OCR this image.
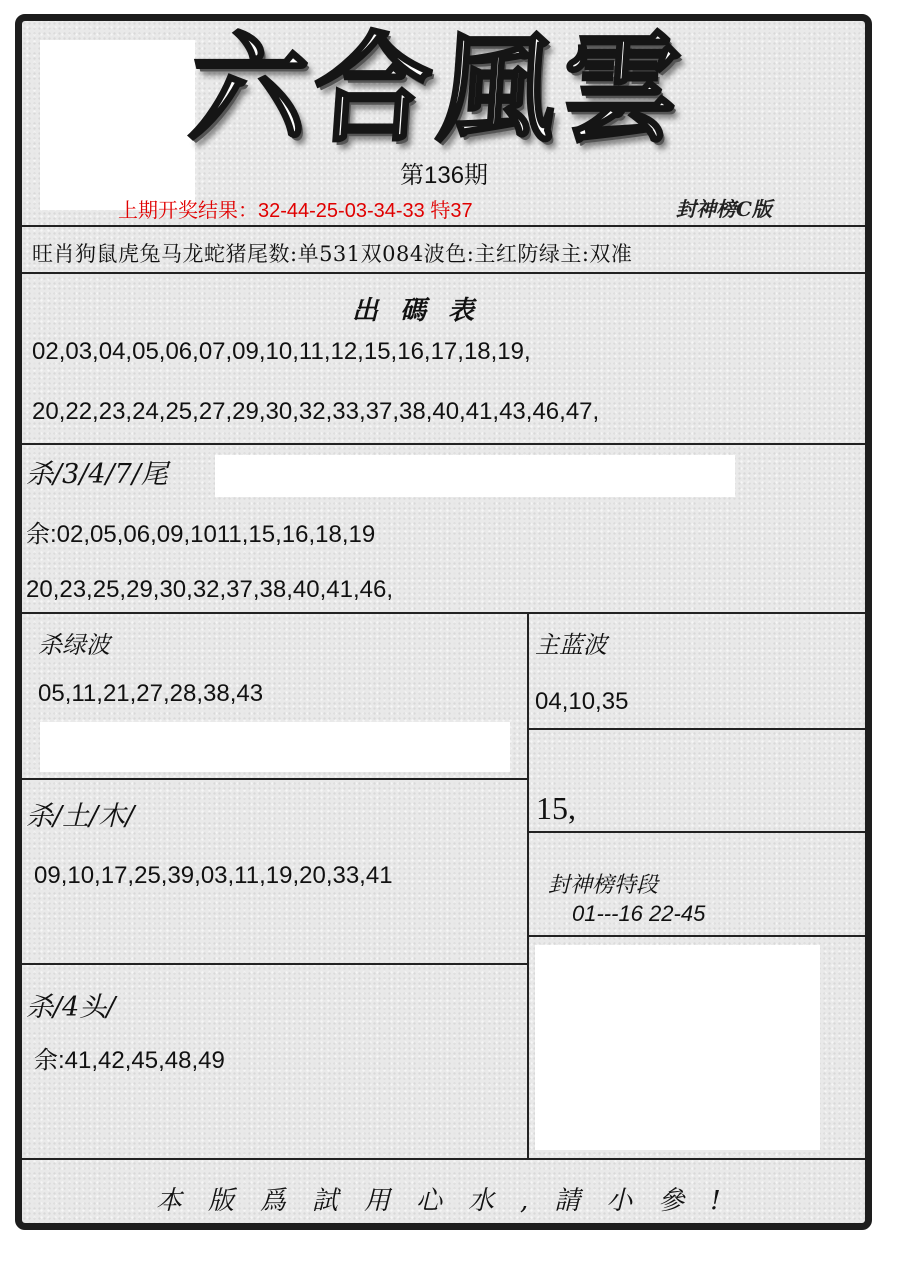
六合風雲
第136期
上期开奖结果：32-44-25-03-34-33 特37	封神榜C版
旺肖狗鼠虎兔马龙蛇猪尾数:单531双084波色:主红防绿主:双准
出碼表
02,03,04,05,06,07,09,10,11,12,15,16,17,18,19,
20,22,23,24,25,27,29,30,32,33,37,38,40,41,43,46,47,
杀/3/4/7/尾
余:02,05,06,09,1011,15,16,18,19
20,23,25,29,30,32,37,38,40,41,46,
杀绿波
05,11,21,27,28,38,43
主蓝波
04,10,35
15,
杀/土/木/
09,10,17,25,39,03,11,19,20,33,41	封神榜特段
01---16 22-45
杀/4头/
余:41,42,45,48,49
本版爲試用心水,請小參!
